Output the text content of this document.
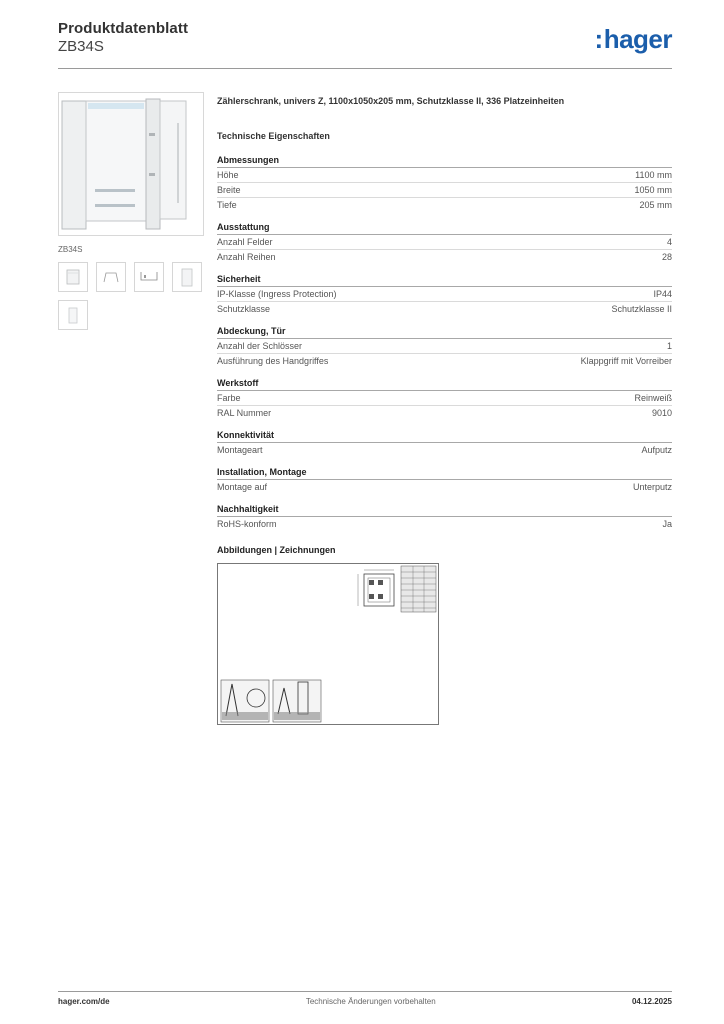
Produktdatenblatt
ZB34S	:hager
ZB34S
Zählerschrank, univers Z, 1100x1050x205 mm, Schutzklasse II, 336 Platzeinheiten
Technische Eigenschaften
Abmessungen
Höhe	1100 mm
Breite	1050 mm
Tiefe	205 mm
Ausstattung
Anzahl Felder	4
Anzahl Reihen	28
Sicherheit
IP-Klasse (Ingress Protection)	IP44
Schutzklasse	Schutzklasse II
Abdeckung, Tür
Anzahl der Schlösser	1
Ausführung des Handgriffes	Klappgriff mit Vorreiber
Werkstoff
Farbe	Reinweiß
RAL Nummer	9010
Konnektivität
Montageart	Aufputz
Installation, Montage
Montage auf	Unterputz
Nachhaltigkeit
RoHS-konform	Ja
Abbildungen | Zeichnungen
hager.com/de	Technische Änderungen vorbehalten	04.12.2025
